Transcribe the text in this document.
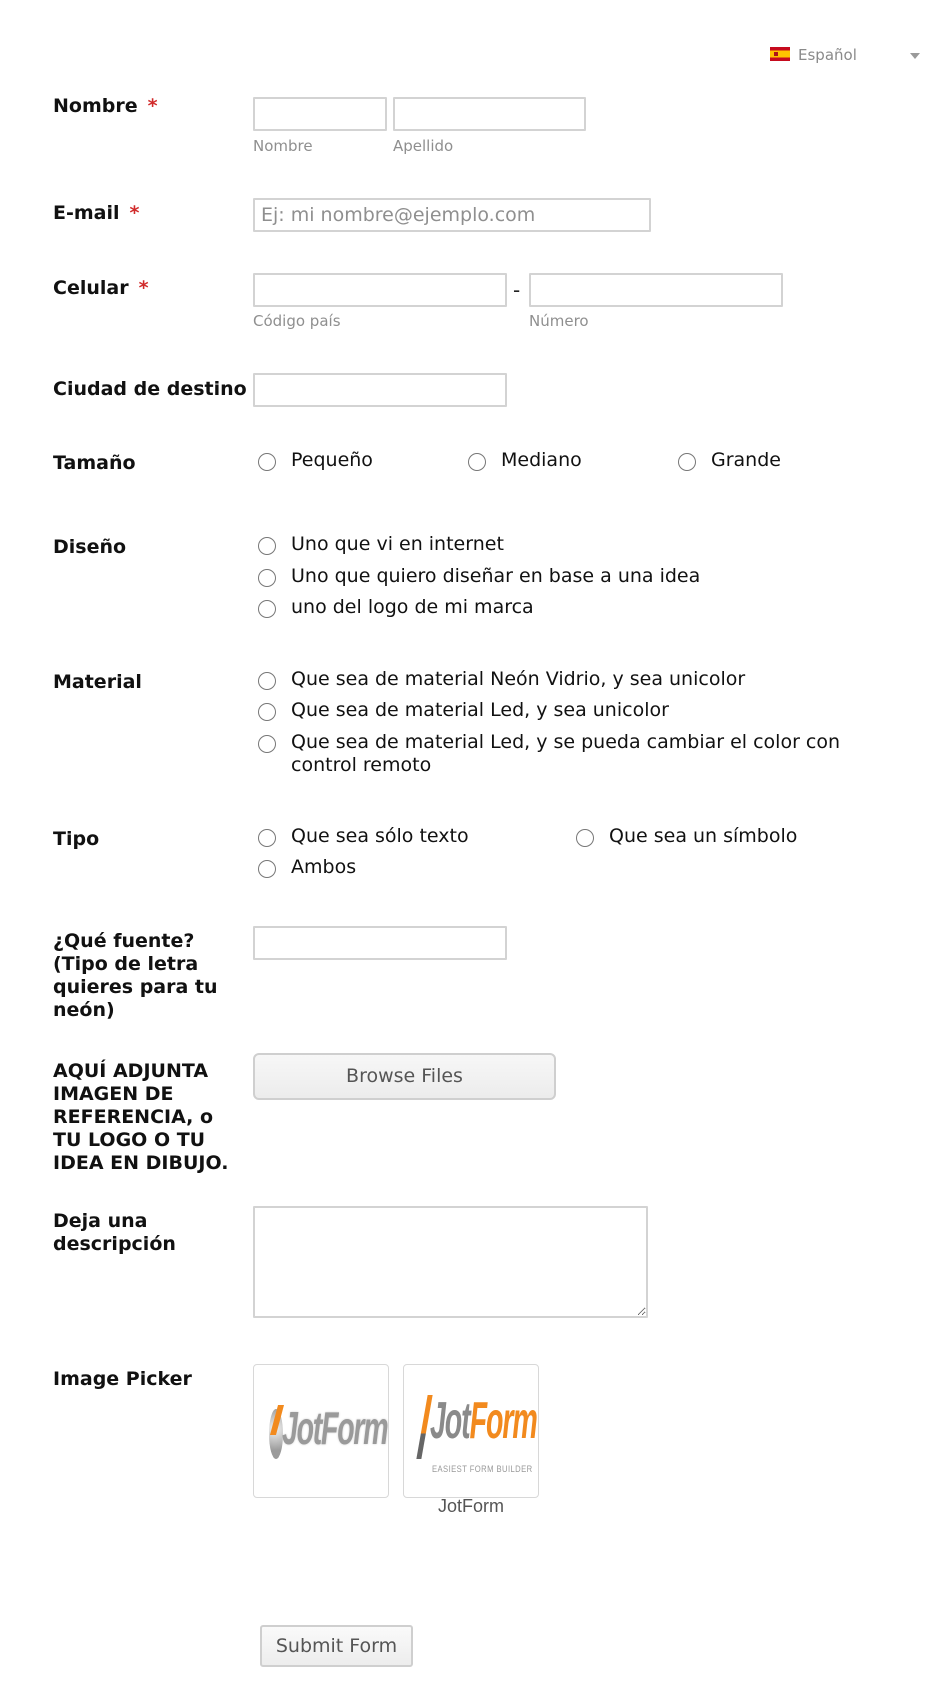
Español
Nombre *
Nombre	Apellido
E-mail *
Ej: mi nombre@ejemplo.com
Celular *	-
Código país	Número
Ciudad de destino
Tamaño	Pequeño	Mediano	Grande
Diseño	Uno que vi en internet
Uno que quiero diseñar en base a una idea
uno del logo de mi marca
Material	Que sea de material Neón Vidrio, y sea unicolor
Que sea de material Led, y sea unicolor
Que sea de material Led, y se pueda cambiar el color con control remoto
Tipo	Que sea sólo texto	Que sea un símbolo
Ambos
¿Qué fuente? (Tipo de letra quieres para tu neón)
AQUÍ ADJUNTA IMAGEN DE REFERENCIA, o TU LOGO O TU IDEA EN DIBUJO.
Browse Files
Deja una descripción
Image Picker
JotForm JotForm
EASIEST FORM BUILDER
JotForm
Submit Form
